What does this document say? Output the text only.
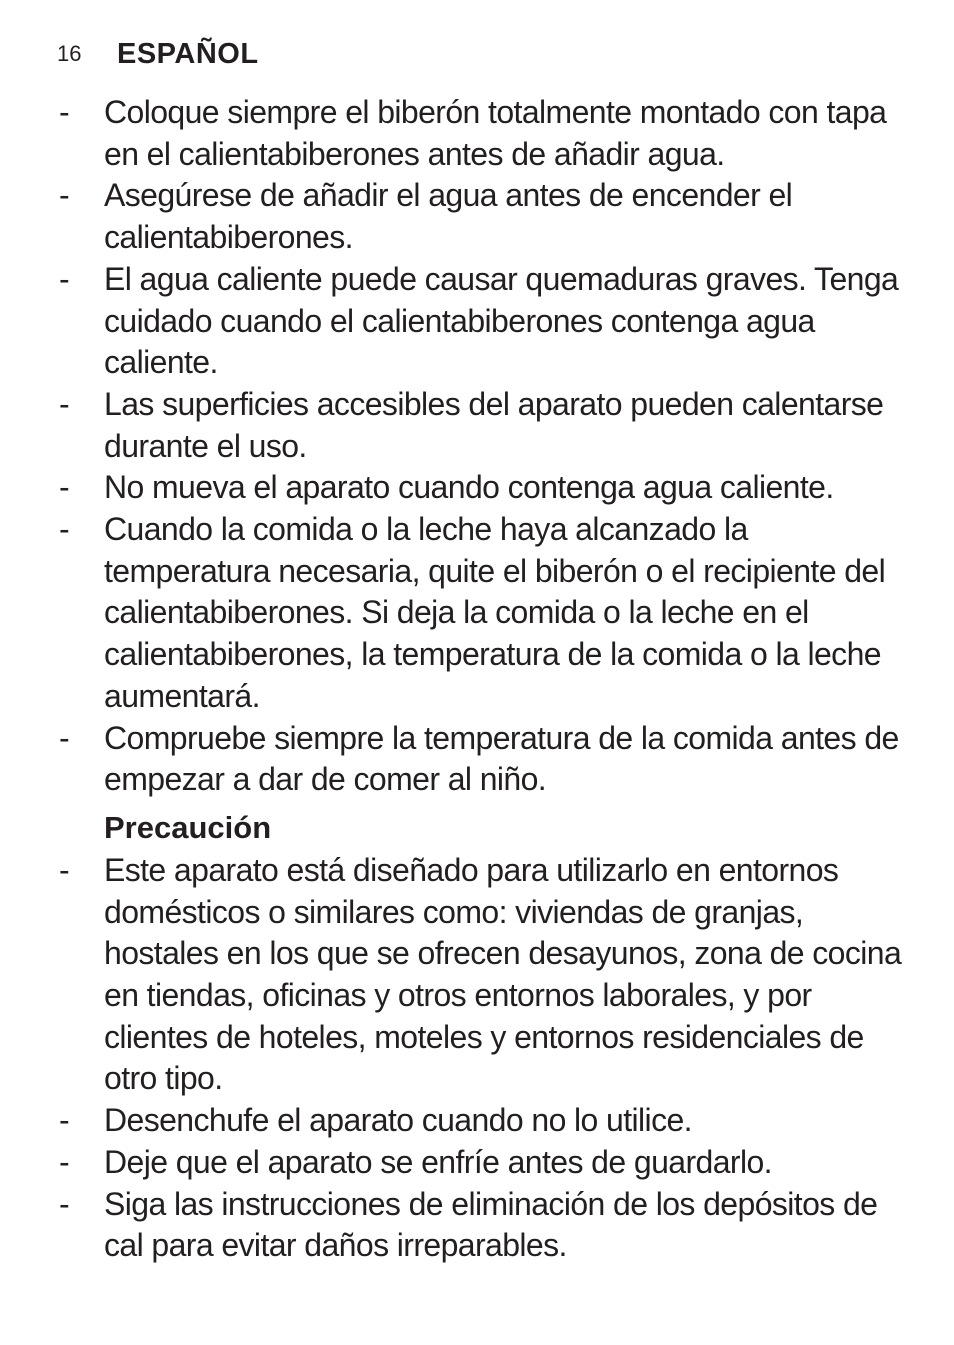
16	ESPAÑOL
- Coloque siempre el biberón totalmente montado con tapa en el calientabiberones antes de añadir agua.
- Asegúrese de añadir el agua antes de encender el calientabiberones.
- El agua caliente puede causar quemaduras graves. Tenga cuidado cuando el calientabiberones contenga agua caliente.
- Las superficies accesibles del aparato pueden calentarse durante el uso.
- No mueva el aparato cuando contenga agua caliente.
- Cuando la comida o la leche haya alcanzado la temperatura necesaria, quite el biberón o el recipiente del calientabiberones. Si deja la comida o la leche en el calientabiberones, la temperatura de la comida o la leche aumentará.
- Compruebe siempre la temperatura de la comida antes de empezar a dar de comer al niño.
Precaución
- Este aparato está diseñado para utilizarlo en entornos domésticos o similares como: viviendas de granjas, hostales en los que se ofrecen desayunos, zona de cocina en tiendas, oficinas y otros entornos laborales, y por clientes de hoteles, moteles y entornos residenciales de otro tipo.
- Desenchufe el aparato cuando no lo utilice.
- Deje que el aparato se enfríe antes de guardarlo.
- Siga las instrucciones de eliminación de los depósitos de cal para evitar daños irreparables.
